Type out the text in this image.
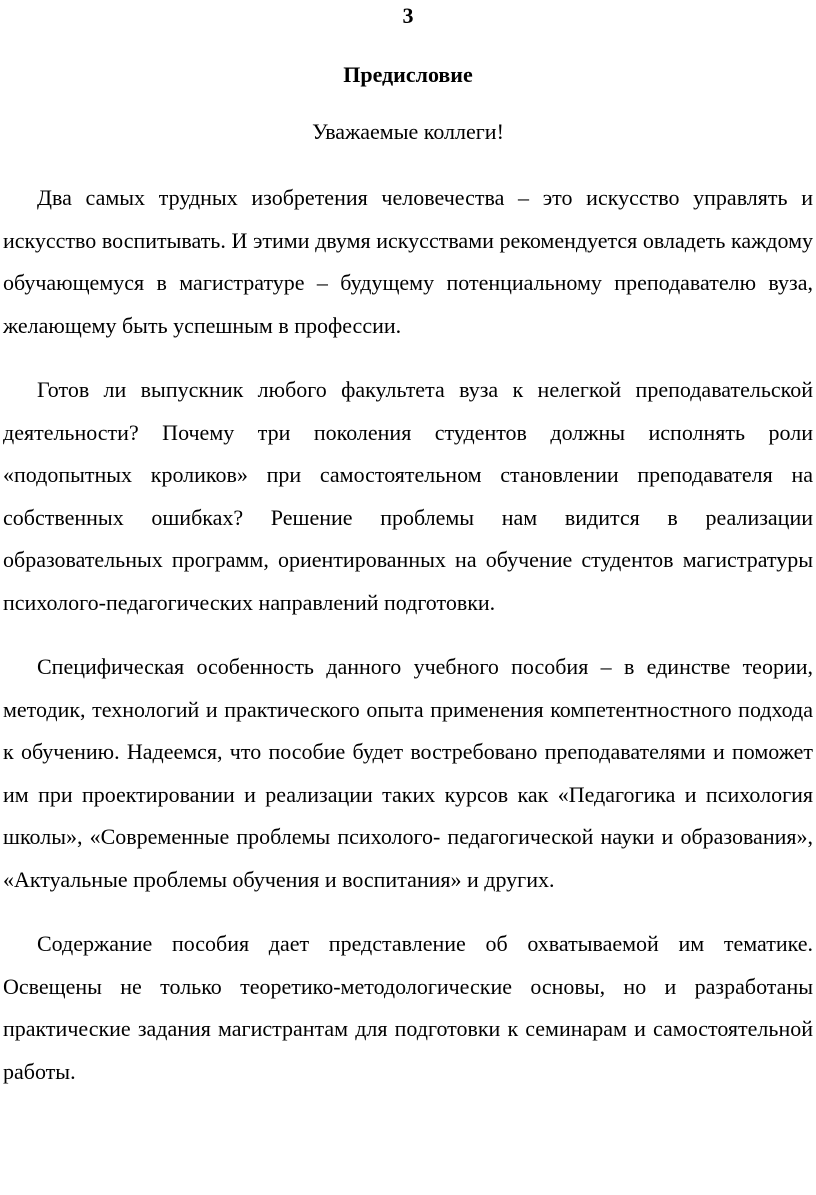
3
Предисловие
Уважаемые коллеги!

Два самых трудных изобретения человечества – это искусство управлять и искусство воспитывать. И этими двумя искусствами рекомендуется овладеть каждому обучающемуся в магистратуре – будущему потенциальному преподавателю вуза, желающему быть успешным в профессии.

Готов ли выпускник любого факультета вуза к нелегкой преподавательской деятельности? Почему три поколения студентов должны исполнять роли «подопытных кроликов» при самостоятельном становлении преподавателя на собственных ошибках? Решение проблемы нам видится в реализации образовательных программ, ориентированных на обучение студентов магистратуры психолого-педагогических направлений подготовки.

Специфическая особенность данного учебного пособия – в единстве теории, методик, технологий и практического опыта применения компетентностного подхода к обучению. Надеемся, что пособие будет востребовано преподавателями и поможет им при проектировании и реализации таких курсов как «Педагогика и психология школы», «Современные проблемы психолого- педагогической науки и образования», «Актуальные проблемы обучения и воспитания» и других.

Содержание пособия дает представление об охватываемой им тематике. Освещены не только теоретико-методологические основы, но и разработаны практические задания магистрантам для подготовки к семинарам и самостоятельной работы.
